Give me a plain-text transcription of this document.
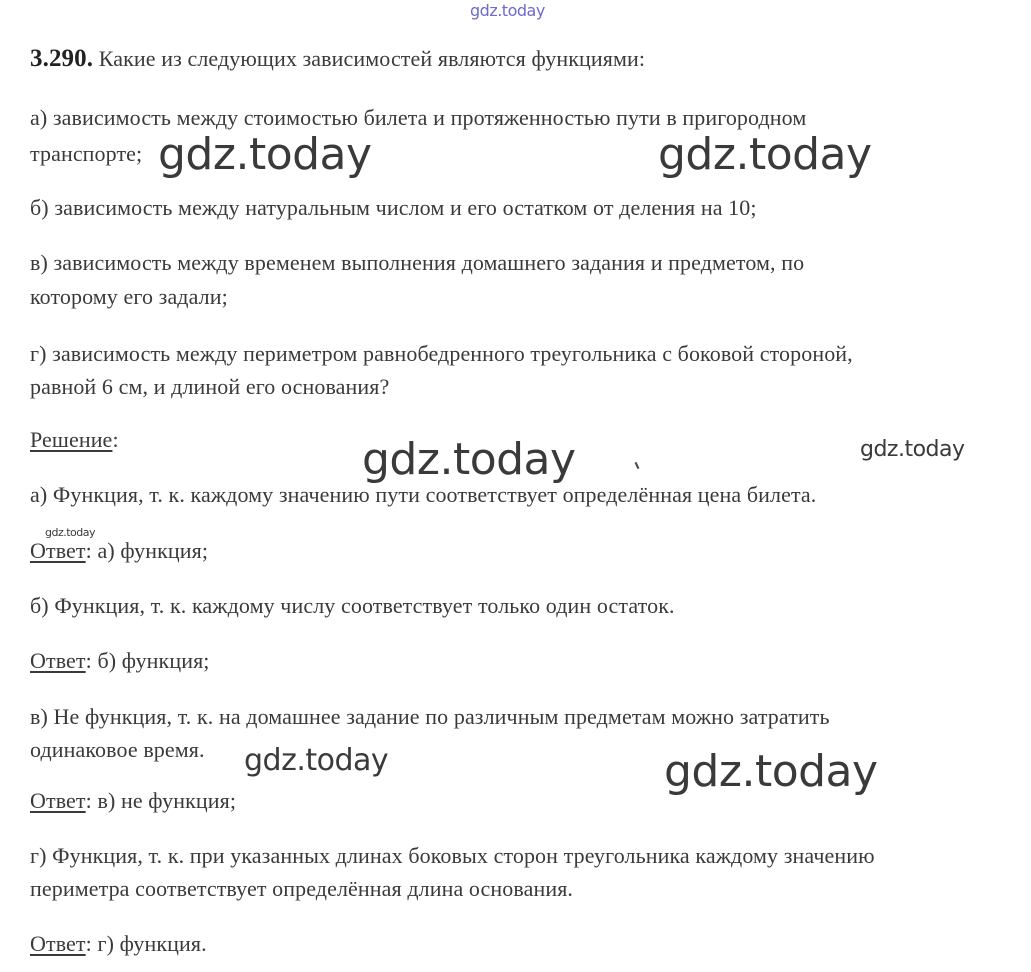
gdz.today
3.290. Какие из следующих зависимостей являются функциями:
а) зависимость между стоимостью билета и протяженностью пути в пригородном
транспорте;
б) зависимость между натуральным числом и его остатком от деления на 10;
в) зависимость между временем выполнения домашнего задания и предметом, по
которому его задали;
г) зависимость между периметром равнобедренного треугольника с боковой стороной,
равной 6 см, и длиной его основания?
Решение:
а) Функция, т. к. каждому значению пути соответствует определённая цена билета.
Ответ: а) функция;
б) Функция, т. к. каждому числу соответствует только один остаток.
Ответ: б) функция;
в) Не функция, т. к. на домашнее задание по различным предметам можно затратить
одинаковое время.
Ответ: в) не функция;
г) Функция, т. к. при указанных длинах боковых сторон треугольника каждому значению
периметра соответствует определённая длина основания.
Ответ: г) функция.
gdz.today	gdz.today
gdz.today	gdz.today
gdz.today
gdz.today	gdz.today
